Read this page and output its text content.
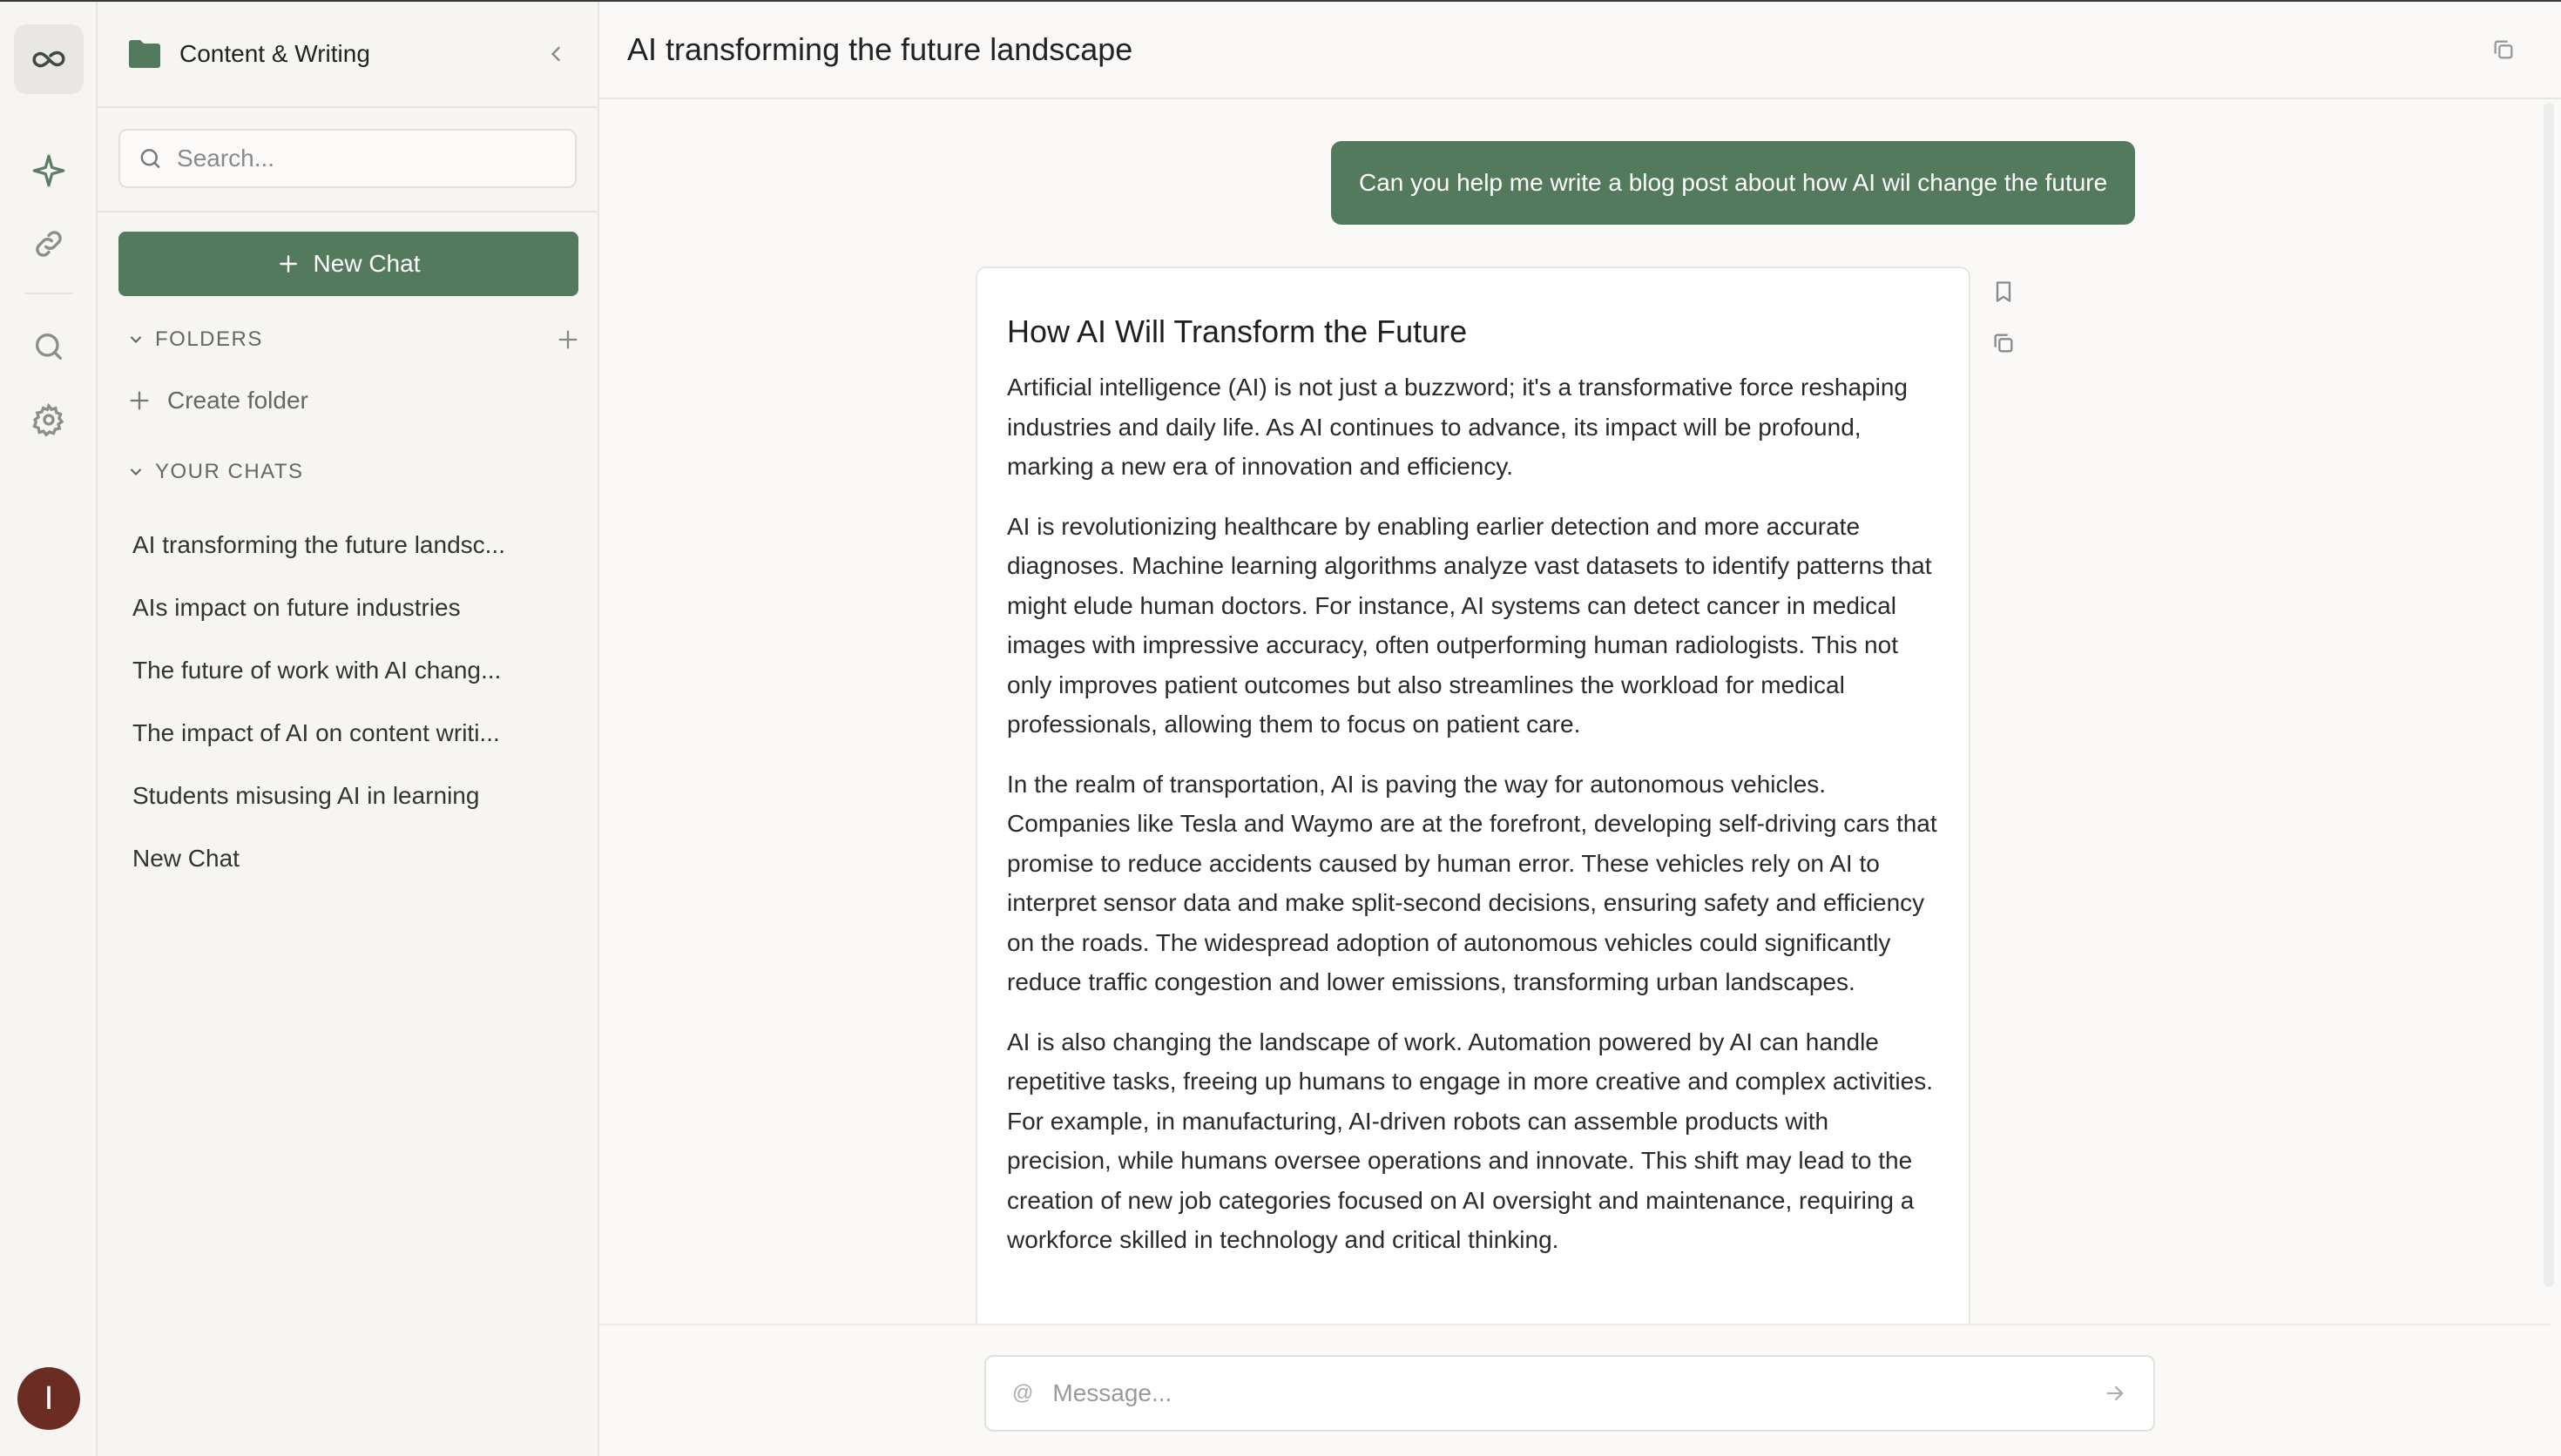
I
Content & Writing
Search...
New Chat
FOLDERS
Create folder
YOUR CHATS
AI transforming the future landsc...
AIs impact on future industries
The future of work with AI chang...
The impact of AI on content writi...
Students misusing AI in learning
New Chat
AI transforming the future landscape
Can you help me write a blog post about how AI wil change the future
How AI Will Transform the Future

Artificial intelligence (AI) is not just a buzzword; it's a transformative force reshaping industries and daily life. As AI continues to advance, its impact will be profound, marking a new era of innovation and efficiency.

AI is revolutionizing healthcare by enabling earlier detection and more accurate diagnoses. Machine learning algorithms analyze vast datasets to identify patterns that might elude human doctors. For instance, AI systems can detect cancer in medical images with impressive accuracy, often outperforming human radiologists. This not only improves patient outcomes but also streamlines the workload for medical professionals, allowing them to focus on patient care.

In the realm of transportation, AI is paving the way for autonomous vehicles. Companies like Tesla and Waymo are at the forefront, developing self-driving cars that promise to reduce accidents caused by human error. These vehicles rely on AI to interpret sensor data and make split-second decisions, ensuring safety and efficiency on the roads. The widespread adoption of autonomous vehicles could significantly reduce traffic congestion and lower emissions, transforming urban landscapes.

AI is also changing the landscape of work. Automation powered by AI can handle repetitive tasks, freeing up humans to engage in more creative and complex activities. For example, in manufacturing, AI-driven robots can assemble products with precision, while humans oversee operations and innovate. This shift may lead to the creation of new job categories focused on AI oversight and maintenance, requiring a workforce skilled in technology and critical thinking.

@
Message...
